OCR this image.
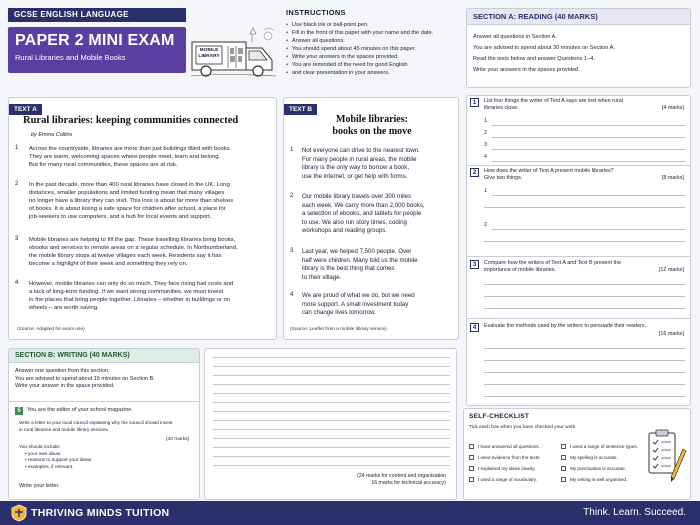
GCSE ENGLISH LANGUAGE
PAPER 2 MINI EXAM
Rural Libraries and Mobile Books
MOBILE
LIBRARY
INSTRUCTIONS
• Use black ink or ball-point pen.
• Fill in the front of this paper with your name and the date.
• Answer all questions.
• You should spend about 45 minutes on this paper.
• Write your answers in the spaces provided.
• You are reminded of the need for good English
• and clear presentation in your answers.
SECTION A: READING (40 MARKS)

Answer all questions in Section A.

You are advised to spend about 30 minutes on Section A.

Read the texts below and answer Questions 1–4.

Write your answers in the spaces provided.

TEXT A
Rural libraries: keeping communities connected
by Emma Collins
1 Across the countryside, libraries are more than just buildings filled with books.
They are warm, welcoming spaces where people meet, learn and belong.
But for many rural communities, these spaces are at risk.
2 In the past decade, more than 400 rural libraries have closed in the UK. Long
distances, smaller populations and limited funding mean that many villages
no longer have a library they can visit. This loss is about far more than shelves
of books. It is about losing a safe space for children after school, a place for
job-seekers to use computers, and a hub for local events and support.
3 Mobile libraries are helping to fill the gap. These travelling libraries bring books,
ebooks and services to remote areas on a regular schedule. In Northumberland,
the mobile library stops at twelve villages each week. Residents say it has
become a highlight of their week and something they rely on.
4 However, mobile libraries can only do so much. They face rising fuel costs and
a lack of long-term funding. If we want strong communities, we must invest
in the places that bring people together. Libraries – whether in buildings or on
wheels – are worth saving.
(Source: Adapted for exam use)
TEXT B
Mobile libraries:
books on the move
1 Not everyone can drive to the nearest town.
For many people in rural areas, the mobile
library is the only way to borrow a book,
use the internet, or get help with forms.
2 Our mobile library travels over 300 miles
each week. We carry more than 2,000 books,
a selection of ebooks, and tablets for people
to use. We also run story times, coding
workshops and reading groups.
3 Last year, we helped 7,500 people. Over
half were children. Many told us the mobile
library is the best thing that comes
to their village.
4 We are proud of what we do, but we need
more support. A small investment today
can change lives tomorrow.
(Source: Leaflet from a mobile library service)
1	List four things the writer of Text A says are lost when rural
libraries close.	[4 marks]
1
2
3
4
2	How does the writer of Text A present mobile libraries?
Give two things.	[8 marks]
1
2
3	Compare how the writers of Text A and Text B present the
importance of mobile libraries.	[12 marks]
4	Evaluate the methods used by the writers to persuade their readers.
[16 marks]
SECTION B: WRITING (40 MARKS)
Answer one question from this section.
You are advised to spend about 15 minutes on Section B.
Write your answer in the space provided.
5	You are the editor of your school magazine.
Write a letter to your local council explaining why the council should invest
in rural libraries and mobile library services.
[40 marks]
You should include:
• your own ideas
• reasons to support your ideas
• examples, if relevant.
Write your letter.
(24 marks for content and organisation
16 marks for technical accuracy)
SELF-CHECKLIST
Tick each box when you have checked your work.
I have answered all questions.
I used evidence from the texts.
I explained my ideas clearly.
I used a range of vocabulary.
I used a range of sentence types.
My spelling is accurate.
My punctuation is accurate.
My writing is well organised.
THRIVING MINDS TUITION	Think. Learn. Succeed.
